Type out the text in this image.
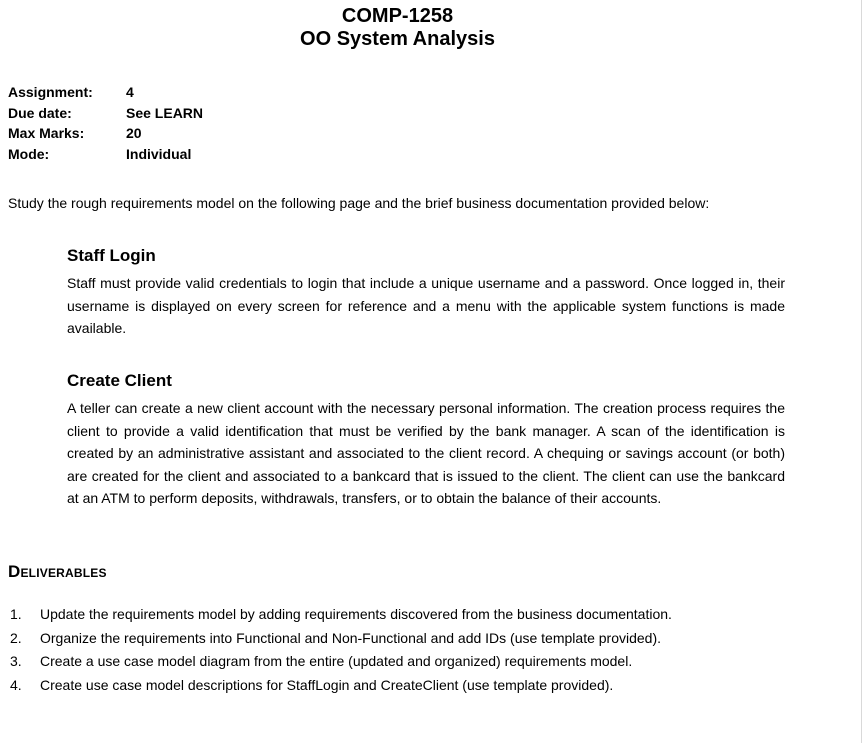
COMP-1258
OO System Analysis
Assignment:	4
Due date:	See LEARN
Max Marks:	20
Mode:	Individual
Study the rough requirements model on the following page and the brief business documentation provided below:
Staff Login

Staff must provide valid credentials to login that include a unique username and a password. Once logged in, their username is displayed on every screen for reference and a menu with the applicable system functions is made available.

Create Client

A teller can create a new client account with the necessary personal information. The creation process requires the client to provide a valid identification that must be verified by the bank manager. A scan of the identification is created by an administrative assistant and associated to the client record. A chequing or savings account (or both) are created for the client and associated to a bankcard that is issued to the client. The client can use the bankcard at an ATM to perform deposits, withdrawals, transfers, or to obtain the balance of their accounts.

Deliverables
1.	Update the requirements model by adding requirements discovered from the business documentation.
2.	Organize the requirements into Functional and Non-Functional and add IDs (use template provided).
3.	Create a use case model diagram from the entire (updated and organized) requirements model.
4.	Create use case model descriptions for StaffLogin and CreateClient (use template provided).
